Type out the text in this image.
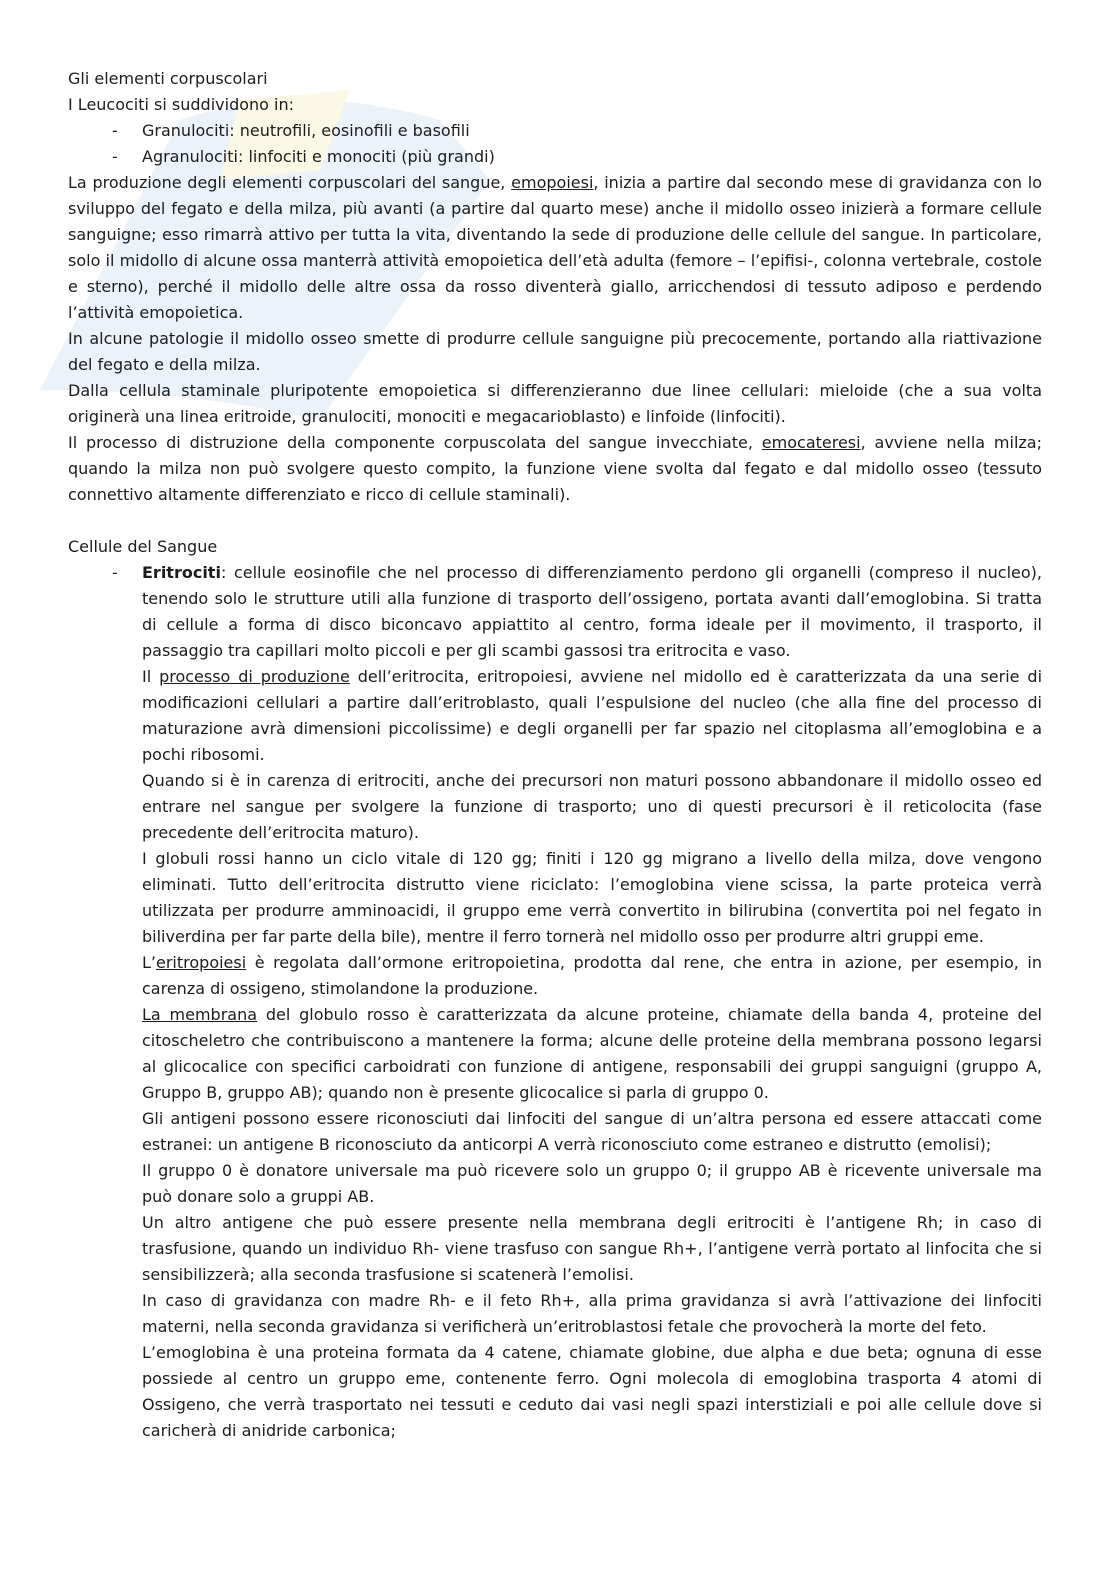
Gli elementi corpuscolari
I Leucociti si suddividono in:
- Granulociti: neutrofili, eosinofili e basofili
- Agranulociti: linfociti e monociti (più grandi)

La produzione degli elementi corpuscolari del sangue, emopoiesi, inizia a partire dal secondo mese di gravidanza con lo sviluppo del fegato e della milza, più avanti (a partire dal quarto mese) anche il midollo osseo inizierà a formare cellule sanguigne; esso rimarrà attivo per tutta la vita, diventando la sede di produzione delle cellule del sangue. In particolare, solo il midollo di alcune ossa manterrà attività emopoietica dell’età adulta (femore – l’epifisi-, colonna vertebrale, costole e sterno), perché il midollo delle altre ossa da rosso diventerà giallo, arricchendosi di tessuto adiposo e perdendo l’attività emopoietica.

In alcune patologie il midollo osseo smette di produrre cellule sanguigne più precocemente, portando alla riattivazione del fegato e della milza.

Dalla cellula staminale pluripotente emopoietica si differenzieranno due linee cellulari: mieloide (che a sua volta originerà una linea eritroide, granulociti, monociti e megacarioblasto) e linfoide (linfociti).

Il processo di distruzione della componente corpuscolata del sangue invecchiate, emocateresi, avviene nella milza; quando la milza non può svolgere questo compito, la funzione viene svolta dal fegato e dal midollo osseo (tessuto connettivo altamente differenziato e ricco di cellule staminali).

Cellule del Sangue
- Eritrociti: cellule eosinofile che nel processo di differenziamento perdono gli organelli (compreso il nucleo), tenendo solo le strutture utili alla funzione di trasporto dell’ossigeno, portata avanti dall’emoglobina. Si tratta di cellule a forma di disco biconcavo appiattito al centro, forma ideale per il movimento, il trasporto, il passaggio tra capillari molto piccoli e per gli scambi gassosi tra eritrocita e vaso.

Il processo di produzione dell’eritrocita, eritropoiesi, avviene nel midollo ed è caratterizzata da una serie di modificazioni cellulari a partire dall’eritroblasto, quali l’espulsione del nucleo (che alla fine del processo di maturazione avrà dimensioni piccolissime) e degli organelli per far spazio nel citoplasma all’emoglobina e a pochi ribosomi.

Quando si è in carenza di eritrociti, anche dei precursori non maturi possono abbandonare il midollo osseo ed entrare nel sangue per svolgere la funzione di trasporto; uno di questi precursori è il reticolocita (fase precedente dell’eritrocita maturo).

I globuli rossi hanno un ciclo vitale di 120 gg; finiti i 120 gg migrano a livello della milza, dove vengono eliminati. Tutto dell’eritrocita distrutto viene riciclato: l’emoglobina viene scissa, la parte proteica verrà utilizzata per produrre amminoacidi, il gruppo eme verrà convertito in bilirubina (convertita poi nel fegato in biliverdina per far parte della bile), mentre il ferro tornerà nel midollo osso per produrre altri gruppi eme.

L’eritropoiesi è regolata dall’ormone eritropoietina, prodotta dal rene, che entra in azione, per esempio, in carenza di ossigeno, stimolandone la produzione.

La membrana del globulo rosso è caratterizzata da alcune proteine, chiamate della banda 4, proteine del citoscheletro che contribuiscono a mantenere la forma; alcune delle proteine della membrana possono legarsi al glicocalice con specifici carboidrati con funzione di antigene, responsabili dei gruppi sanguigni (gruppo A, Gruppo B, gruppo AB); quando non è presente glicocalice si parla di gruppo 0.

Gli antigeni possono essere riconosciuti dai linfociti del sangue di un’altra persona ed essere attaccati come estranei: un antigene B riconosciuto da anticorpi A verrà riconosciuto come estraneo e distrutto (emolisi);

Il gruppo 0 è donatore universale ma può ricevere solo un gruppo 0; il gruppo AB è ricevente universale ma può donare solo a gruppi AB.

Un altro antigene che può essere presente nella membrana degli eritrociti è l’antigene Rh; in caso di trasfusione, quando un individuo Rh- viene trasfuso con sangue Rh+, l’antigene verrà portato al linfocita che si sensibilizzerà; alla seconda trasfusione si scatenerà l’emolisi.

In caso di gravidanza con madre Rh- e il feto Rh+, alla prima gravidanza si avrà l’attivazione dei linfociti materni, nella seconda gravidanza si verificherà un’eritroblastosi fetale che provocherà la morte del feto.

L’emoglobina è una proteina formata da 4 catene, chiamate globine, due alpha e due beta; ognuna di esse possiede al centro un gruppo eme, contenente ferro. Ogni molecola di emoglobina trasporta 4 atomi di Ossigeno, che verrà trasportato nei tessuti e ceduto dai vasi negli spazi interstiziali e poi alle cellule dove si caricherà di anidride carbonica;
